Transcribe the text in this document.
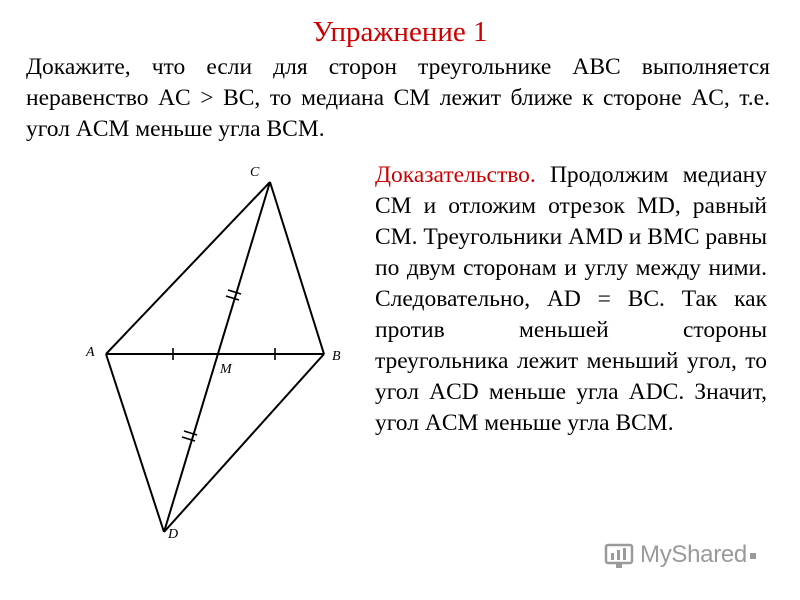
Упражнение 1

Докажите, что если для сторон треугольнике ABC выполняется неравенство AC > BC, то медиана CM лежит ближе к стороне AC, т.е. угол ACM меньше угла BCM.

C
A	B
M
D
Доказательство. Продолжим медиану CM и отложим отрезок MD, равный CM. Треугольники AMD и BMC равны по двум сторонам и углу между ними. Следовательно, AD = BC. Так как против меньшей стороны треугольника лежит меньший угол, то угол ACD меньше угла ADC. Значит, угол ACM меньше угла BCM.
MyShared
